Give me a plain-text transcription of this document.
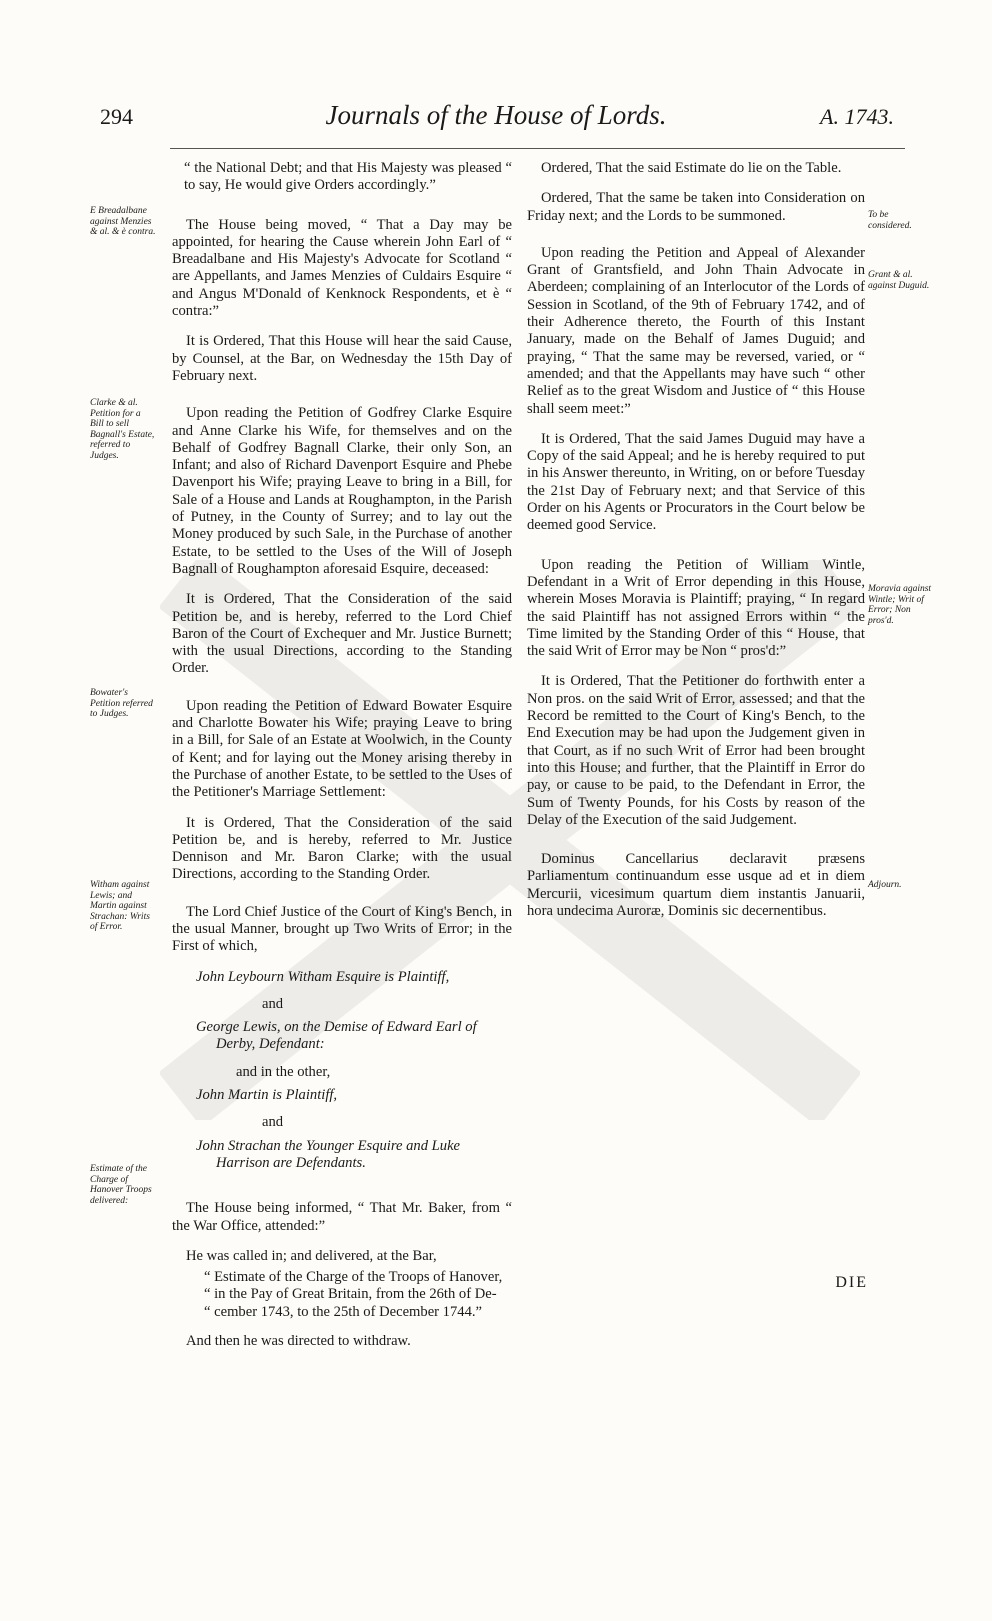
294	Journals of the House of Lords.	A. 1743.

“ the National Debt; and that His Majesty was pleased “ to say, He would give Orders accordingly.”

The House being moved, “ That a Day may be appointed, for hearing the Cause wherein John Earl of “ Breadalbane and His Majesty's Advocate for Scotland “ are Appellants, and James Menzies of Culdairs Esquire “ and Angus M'Donald of Kenknock Respondents, et è “ contra:”

It is Ordered, That this House will hear the said Cause, by Counsel, at the Bar, on Wednesday the 15th Day of February next.

Upon reading the Petition of Godfrey Clarke Esquire and Anne Clarke his Wife, for themselves and on the Behalf of Godfrey Bagnall Clarke, their only Son, an Infant; and also of Richard Davenport Esquire and Phebe Davenport his Wife; praying Leave to bring in a Bill, for Sale of a House and Lands at Roughampton, in the Parish of Putney, in the County of Surrey; and to lay out the Money produced by such Sale, in the Purchase of another Estate, to be settled to the Uses of the Will of Joseph Bagnall of Roughampton aforesaid Esquire, deceased:

It is Ordered, That the Consideration of the said Petition be, and is hereby, referred to the Lord Chief Baron of the Court of Exchequer and Mr. Justice Burnett; with the usual Directions, according to the Standing Order.

Upon reading the Petition of Edward Bowater Esquire and Charlotte Bowater his Wife; praying Leave to bring in a Bill, for Sale of an Estate at Woolwich, in the County of Kent; and for laying out the Money arising thereby in the Purchase of another Estate, to be settled to the Uses of the Petitioner's Marriage Settlement:

It is Ordered, That the Consideration of the said Petition be, and is hereby, referred to Mr. Justice Dennison and Mr. Baron Clarke; with the usual Directions, according to the Standing Order.

The Lord Chief Justice of the Court of King's Bench, in the usual Manner, brought up Two Writs of Error; in the First of which,

John Leybourn Witham Esquire is Plaintiff,
and
George Lewis, on the Demise of Edward Earl of
Derby, Defendant:
and in the other,
John Martin is Plaintiff,
and
John Strachan the Younger Esquire and Luke
Harrison are Defendants.

The House being informed, “ That Mr. Baker, from “ the War Office, attended:”

He was called in; and delivered, at the Bar,

“ Estimate of the Charge of the Troops of Hanover,
“ in the Pay of Great Britain, from the 26th of De-
“ cember 1743, to the 25th of December 1744.”

And then he was directed to withdraw.

Ordered, That the said Estimate do lie on the Table.

Ordered, That the same be taken into Consideration on Friday next; and the Lords to be summoned.

Upon reading the Petition and Appeal of Alexander Grant of Grantsfield, and John Thain Advocate in Aberdeen; complaining of an Interlocutor of the Lords of Session in Scotland, of the 9th of February 1742, and of their Adherence thereto, the Fourth of this Instant January, made on the Behalf of James Duguid; and praying, “ That the same may be reversed, varied, or “ amended; and that the Appellants may have such “ other Relief as to the great Wisdom and Justice of “ this House shall seem meet:”

It is Ordered, That the said James Duguid may have a Copy of the said Appeal; and he is hereby required to put in his Answer thereunto, in Writing, on or before Tuesday the 21st Day of February next; and that Service of this Order on his Agents or Procurators in the Court below be deemed good Service.

Upon reading the Petition of William Wintle, Defendant in a Writ of Error depending in this House, wherein Moses Moravia is Plaintiff; praying, “ In regard the said Plaintiff has not assigned Errors within “ the Time limited by the Standing Order of this “ House, that the said Writ of Error may be Non “ pros'd:”

It is Ordered, That the Petitioner do forthwith enter a Non pros. on the said Writ of Error, assessed; and that the Record be remitted to the Court of King's Bench, to the End Execution may be had upon the Judgement given in that Court, as if no such Writ of Error had been brought into this House; and further, that the Plaintiff in Error do pay, or cause to be paid, to the Defendant in Error, the Sum of Twenty Pounds, for his Costs by reason of the Delay of the Execution of the said Judgement.

Dominus Cancellarius declaravit præsens Parliamentum continuandum esse usque ad et in diem Mercurii, vicesimum quartum diem instantis Januarii, hora undecima Auroræ, Dominis sic decernentibus.

E Breadalbane against Menzies & al. & è contra.
Clarke & al. Petition for a Bill to sell Bagnall's Estate, referred to Judges.
Bowater's Petition referred to Judges.
Witham against Lewis; and Martin against Strachan: Writs of Error.
Estimate of the Charge of Hanover Troops delivered:
To be considered.
Grant & al. against Duguid.
Moravia against Wintle; Writ of Error; Non pros'd.
Adjourn.
DIE
